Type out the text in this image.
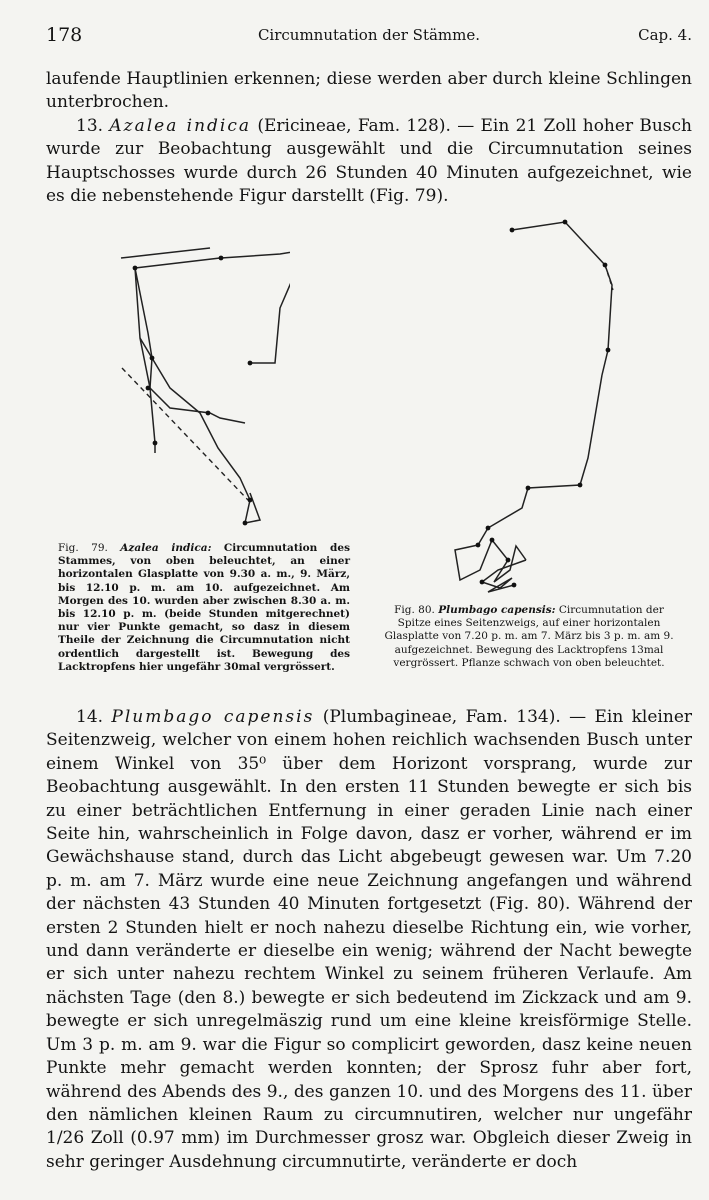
178	Circumnutation der Stämme.	Cap. 4.

laufende Hauptlinien erkennen; diese werden aber durch kleine Schlingen unterbrochen.

13. Azalea indica (Ericineae, Fam. 128). — Ein 21 Zoll hoher Busch wurde zur Beobachtung ausgewählt und die Circumnutation seines Hauptschosses wurde durch 26 Stunden 40 Minuten aufgezeichnet, wie es die nebenstehende Figur darstellt (Fig. 79).

Fig. 79. Azalea indica: Circumnutation des Stammes, von oben beleuchtet, an einer horizontalen Glasplatte von 9.30 a. m., 9. März, bis 12.10 p. m. am 10. aufgezeichnet. Am Morgen des 10. wurden aber zwischen 8.30 a. m. bis 12.10 p. m. (beide Stunden mitgerechnet) nur vier Punkte gemacht, so dasz in diesem Theile der Zeichnung die Circumnutation nicht ordentlich dargestellt ist. Bewegung des Lacktropfens hier ungefähr 30mal vergrössert.
Fig. 80. Plumbago capensis: Circumnutation der Spitze eines Seitenzweigs, auf einer horizontalen Glasplatte von 7.20 p. m. am 7. März bis 3 p. m. am 9. aufgezeichnet. Bewegung des Lacktropfens 13mal vergrössert. Pflanze schwach von oben beleuchtet.

14. Plumbago capensis (Plumbagineae, Fam. 134). — Ein kleiner Seitenzweig, welcher von einem hohen reichlich wachsenden Busch unter einem Winkel von 35⁰ über dem Horizont vorsprang, wurde zur Beobachtung ausgewählt. In den ersten 11 Stunden bewegte er sich bis zu einer beträchtlichen Entfernung in einer geraden Linie nach einer Seite hin, wahrscheinlich in Folge davon, dasz er vorher, während er im Gewächshause stand, durch das Licht abgebeugt gewesen war. Um 7.20 p. m. am 7. März wurde eine neue Zeichnung angefangen und während der nächsten 43 Stunden 40 Minuten fortgesetzt (Fig. 80). Während der ersten 2 Stunden hielt er noch nahezu dieselbe Richtung ein, wie vorher, und dann veränderte er dieselbe ein wenig; während der Nacht bewegte er sich unter nahezu rechtem Winkel zu seinem früheren Verlaufe. Am nächsten Tage (den 8.) bewegte er sich bedeutend im Zickzack und am 9. bewegte er sich unregelmäszig rund um eine kleine kreisförmige Stelle. Um 3 p. m. am 9. war die Figur so complicirt geworden, dasz keine neuen Punkte mehr gemacht werden konnten; der Sprosz fuhr aber fort, während des Abends des 9., des ganzen 10. und des Morgens des 11. über den nämlichen kleinen Raum zu circumnutiren, welcher nur ungefähr 1/26 Zoll (0.97 mm) im Durchmesser grosz war. Obgleich dieser Zweig in sehr geringer Ausdehnung circumnutirte, veränderte er doch
